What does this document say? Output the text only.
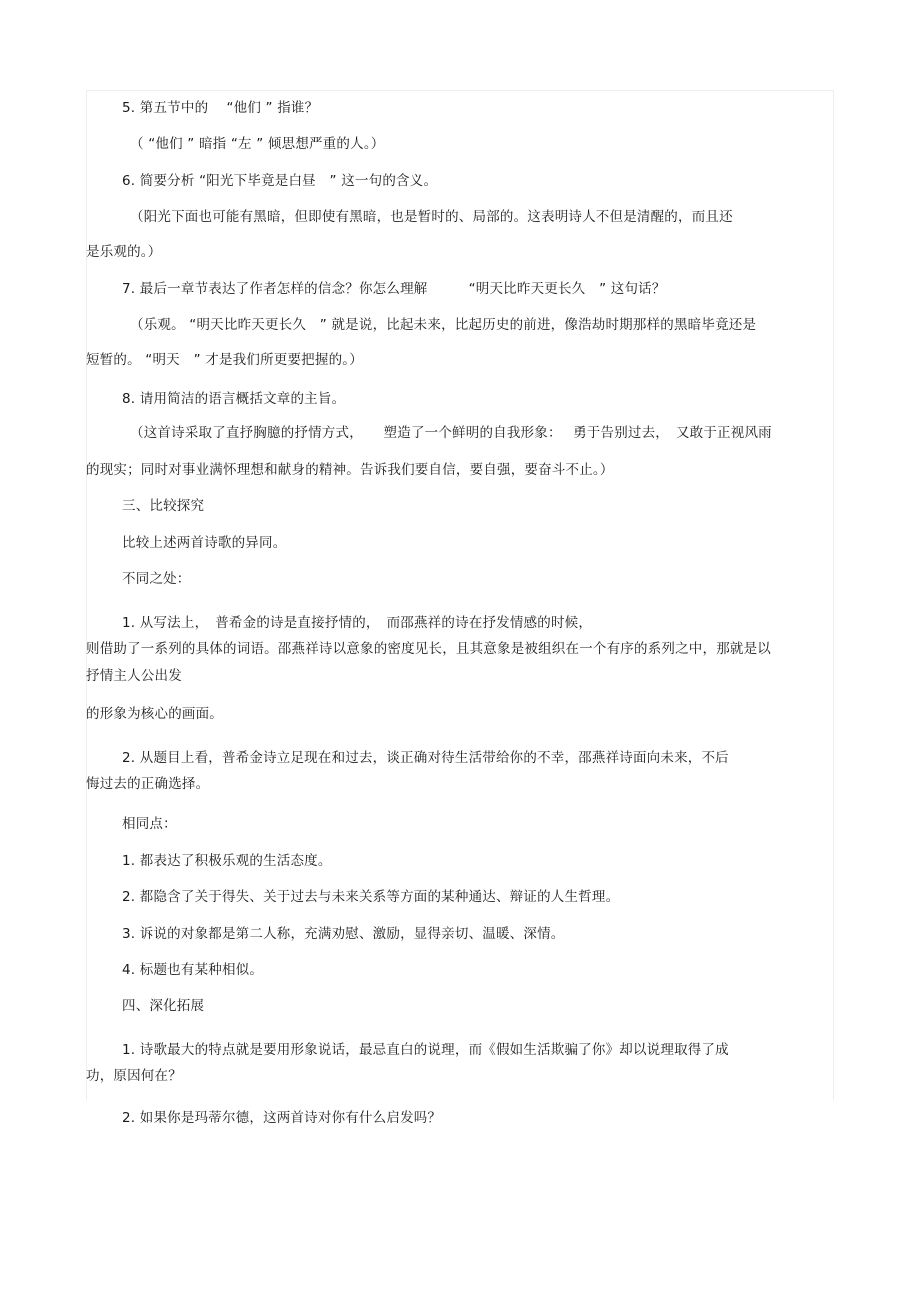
5. 第五节中的　 “他们 ” 指谁？
（ “他们 ” 暗指 “左 ” 倾思想严重的人。）
6. 简要分析 “阳光下毕竟是白昼　” 这一句的含义。
（阳光下面也可能有黑暗，但即使有黑暗，也是暂时的、局部的。这表明诗人不但是清醒的，而且还
是乐观的。）
7. 最后一章节表达了作者怎样的信念？你怎么理解　　　“明天比昨天更长久　” 这句话？
（乐观。 “明天比昨天更长久　” 就是说，比起未来，比起历史的前进，像浩劫时期那样的黑暗毕竟还是
短暂的。 “明天　” 才是我们所更要把握的。）
8. 请用简洁的语言概括文章的主旨。
（这首诗采取了直抒胸臆的抒情方式，　　塑造了一个鲜明的自我形象：　 勇于告别过去，　又敢于正视风雨
的现实；同时对事业满怀理想和献身的精神。告诉我们要自信，要自强，要奋斗不止。）
三、比较探究
比较上述两首诗歌的异同。
不同之处：
1. 从写法上，　普希金的诗是直接抒情的，　而邵燕祥的诗在抒发情感的时候，
则借助了一系列的具体的词语。邵燕祥诗以意象的密度见长，且其意象是被组织在一个有序的系列之中，那就是以
抒情主人公出发
的形象为核心的画面。
2. 从题目上看，普希金诗立足现在和过去，谈正确对待生活带给你的不幸，邵燕祥诗面向未来，不后
悔过去的正确选择。
相同点：
1. 都表达了积极乐观的生活态度。
2. 都隐含了关于得失、关于过去与未来关系等方面的某种通达、辩证的人生哲理。
3. 诉说的对象都是第二人称，充满劝慰、激励，显得亲切、温暖、深情。
4. 标题也有某种相似。
四、深化拓展
1. 诗歌最大的特点就是要用形象说话，最忌直白的说理，而《假如生活欺骗了你》却以说理取得了成
功，原因何在？
2. 如果你是玛蒂尔德，这两首诗对你有什么启发吗？
